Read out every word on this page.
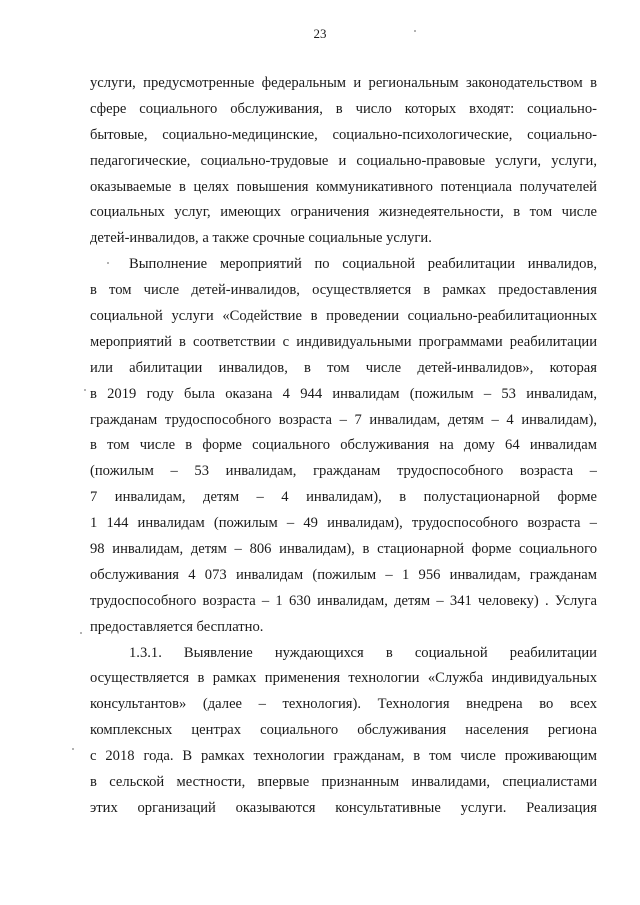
23
услуги, предусмотренные федеральным и региональным законодательством в
сфере социального обслуживания, в число которых входят: социально-
бытовые, социально-медицинские, социально-психологические, социально-
педагогические, социально-трудовые и социально-правовые услуги, услуги,
оказываемые в целях повышения коммуникативного потенциала получателей
социальных услуг, имеющих ограничения жизнедеятельности, в том числе
детей-инвалидов, а также срочные социальные услуги.
Выполнение мероприятий по социальной реабилитации инвалидов,
в том числе детей-инвалидов, осуществляется в рамках предоставления
социальной услуги «Содействие в проведении социально-реабилитационных
мероприятий в соответствии с индивидуальными программами реабилитации
или абилитации инвалидов, в том числе детей-инвалидов», которая
в 2019 году была оказана 4 944 инвалидам (пожилым – 53 инвалидам,
гражданам трудоспособного возраста – 7 инвалидам, детям – 4 инвалидам),
в том числе в форме социального обслуживания на дому 64 инвалидам
(пожилым – 53 инвалидам, гражданам трудоспособного возраста –
7 инвалидам, детям – 4 инвалидам), в полустационарной форме
1 144 инвалидам (пожилым – 49 инвалидам), трудоспособного возраста –
98 инвалидам, детям – 806 инвалидам), в стационарной форме социального
обслуживания 4 073 инвалидам (пожилым – 1 956 инвалидам, гражданам
трудоспособного возраста – 1 630 инвалидам, детям – 341 человеку) . Услуга
предоставляется бесплатно.
1.3.1. Выявление нуждающихся в социальной реабилитации
осуществляется в рамках применения технологии «Служба индивидуальных
консультантов» (далее – технология). Технология внедрена во всех
комплексных центрах социального обслуживания населения региона
с 2018 года. В рамках технологии гражданам, в том числе проживающим
в сельской местности, впервые признанным инвалидами, специалистами
этих организаций оказываются консультативные услуги. Реализация
